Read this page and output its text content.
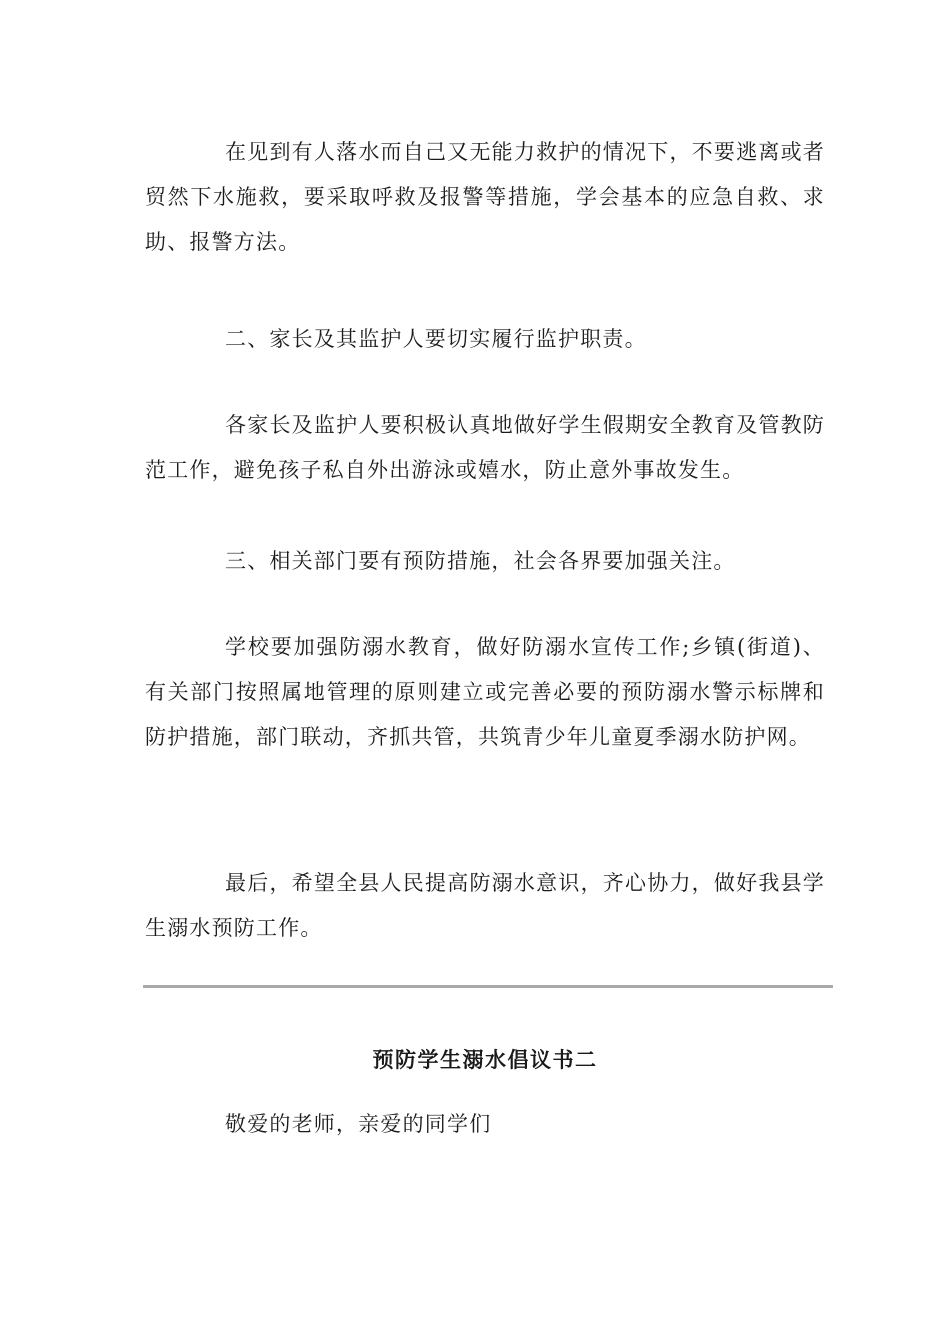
在见到有人落水而自己又无能力救护的情况下，不要逃离或者贸然下水施救，要采取呼救及报警等措施，学会基本的应急自救、求助、报警方法。

二、家长及其监护人要切实履行监护职责。

各家长及监护人要积极认真地做好学生假期安全教育及管教防范工作，避免孩子私自外出游泳或嬉水，防止意外事故发生。

三、相关部门要有预防措施，社会各界要加强关注。

学校要加强防溺水教育，做好防溺水宣传工作;乡镇(街道)、有关部门按照属地管理的原则建立或完善必要的预防溺水警示标牌和防护措施，部门联动，齐抓共管，共筑青少年儿童夏季溺水防护网。

最后，希望全县人民提高防溺水意识，齐心协力，做好我县学生溺水预防工作。

预防学生溺水倡议书二

敬爱的老师，亲爱的同学们
